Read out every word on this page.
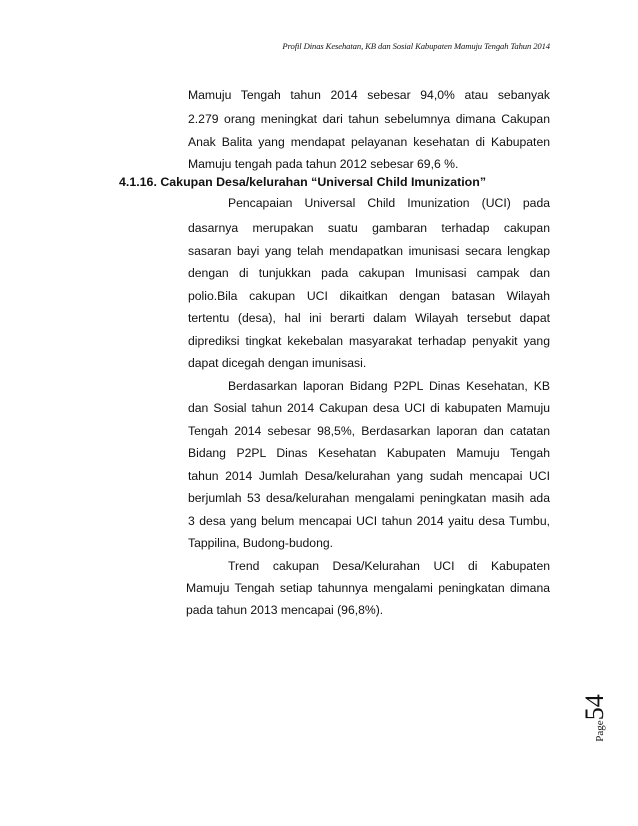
Profil Dinas Kesehatan, KB dan Sosial Kabupaten Mamuju Tengah Tahun 2014
Mamuju Tengah tahun 2014 sebesar 94,0% atau sebanyak
2.279 orang meningkat dari tahun sebelumnya dimana Cakupan
Anak Balita yang mendapat pelayanan kesehatan di Kabupaten
Mamuju tengah pada tahun 2012 sebesar 69,6 %.
4.1.16. Cakupan Desa/kelurahan “Universal Child Imunization”
Pencapaian Universal Child Imunization (UCI) pada
dasarnya merupakan suatu gambaran terhadap cakupan
sasaran bayi yang telah mendapatkan imunisasi secara lengkap
dengan di tunjukkan pada cakupan Imunisasi campak dan
polio.Bila cakupan UCI dikaitkan dengan batasan Wilayah
tertentu (desa), hal ini berarti dalam Wilayah tersebut dapat
diprediksi tingkat kekebalan masyarakat terhadap penyakit yang
dapat dicegah dengan imunisasi.
Berdasarkan laporan Bidang P2PL Dinas Kesehatan, KB
dan Sosial tahun 2014 Cakupan desa UCI di kabupaten Mamuju
Tengah 2014 sebesar 98,5%, Berdasarkan laporan dan catatan
Bidang P2PL Dinas Kesehatan Kabupaten Mamuju Tengah
tahun 2014 Jumlah Desa/kelurahan yang sudah mencapai UCI
berjumlah 53 desa/kelurahan mengalami peningkatan masih ada
3 desa yang belum mencapai UCI tahun 2014 yaitu desa Tumbu,
Tappilina, Budong-budong.
Trend cakupan Desa/Kelurahan UCI di Kabupaten
Mamuju Tengah setiap tahunnya mengalami peningkatan dimana
pada tahun 2013 mencapai (96,8%).
Page54
